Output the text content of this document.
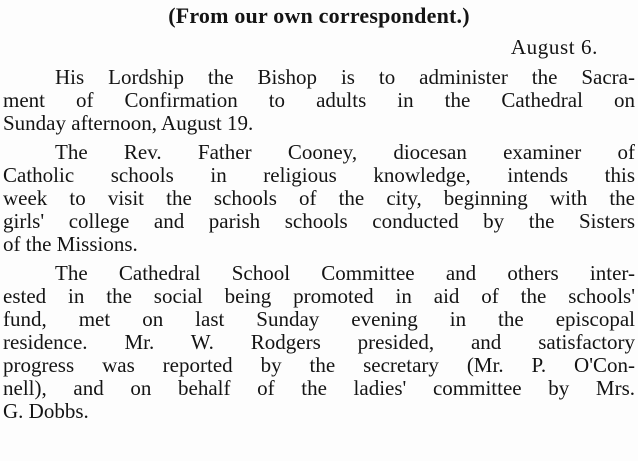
(From our own correspondent.)
August 6.
His Lordship the Bishop is to administer the Sacra-
ment of Confirmation to adults in the Cathedral on
Sunday afternoon, August 19.
The Rev. Father Cooney, diocesan examiner of
Catholic schools in religious knowledge, intends this
week to visit the schools of the city, beginning with the
girls' college and parish schools conducted by the Sisters
of the Missions.
The Cathedral School Committee and others inter-
ested in the social being promoted in aid of the schools'
fund, met on last Sunday evening in the episcopal
residence. Mr. W. Rodgers presided, and satisfactory
progress was reported by the secretary (Mr. P. O'Con-
nell), and on behalf of the ladies' committee by Mrs.
G. Dobbs.
